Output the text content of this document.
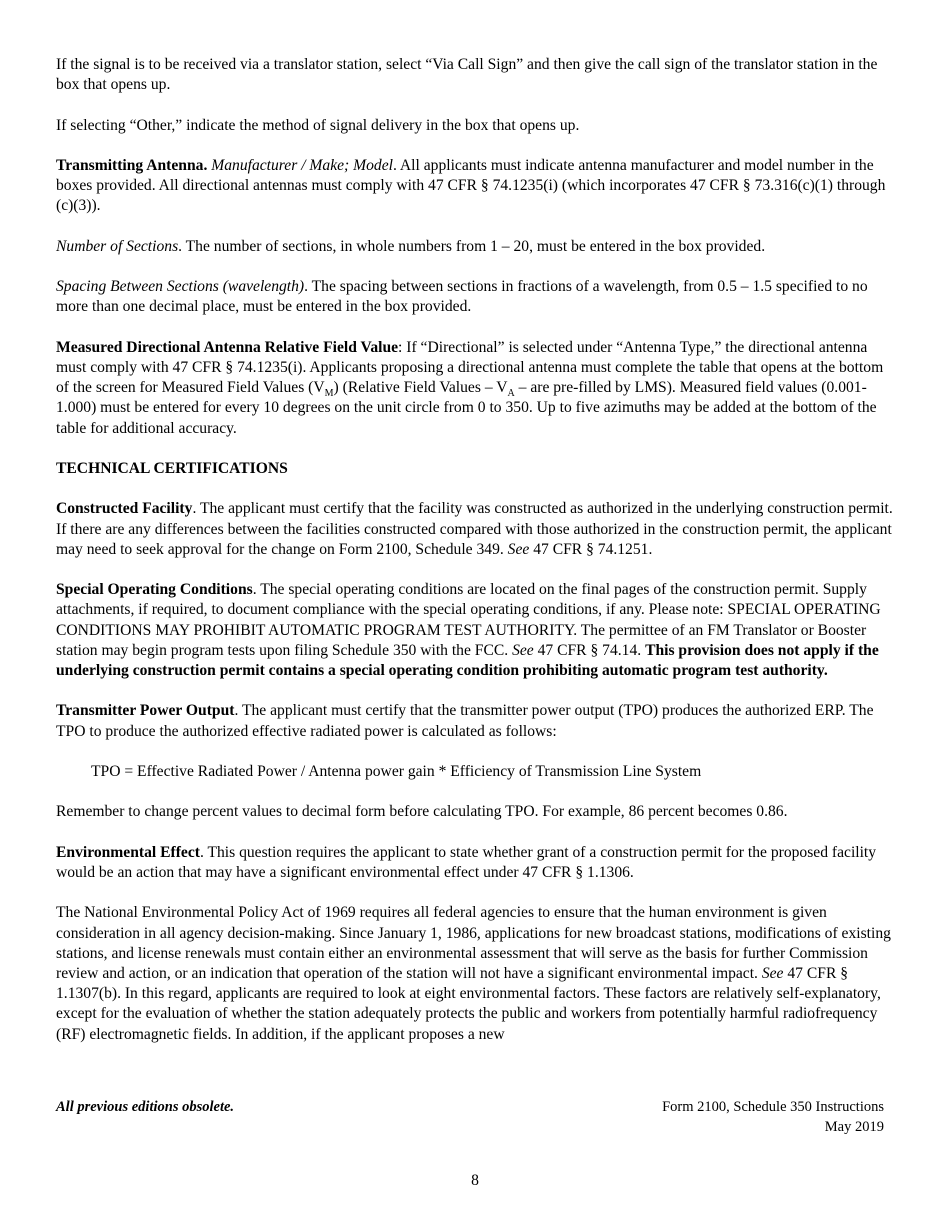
If the signal is to be received via a translator station, select “Via Call Sign” and then give the call sign of the translator station in the box that opens up.

If selecting “Other,” indicate the method of signal delivery in the box that opens up.

Transmitting Antenna. Manufacturer / Make; Model. All applicants must indicate antenna manufacturer and model number in the boxes provided. All directional antennas must comply with 47 CFR § 74.1235(i) (which incorporates 47 CFR § 73.316(c)(1) through (c)(3)).

Number of Sections. The number of sections, in whole numbers from 1 – 20, must be entered in the box provided.

Spacing Between Sections (wavelength). The spacing between sections in fractions of a wavelength, from 0.5 – 1.5 specified to no more than one decimal place, must be entered in the box provided.

Measured Directional Antenna Relative Field Value: If “Directional” is selected under “Antenna Type,” the directional antenna must comply with 47 CFR § 74.1235(i). Applicants proposing a directional antenna must complete the table that opens at the bottom of the screen for Measured Field Values $(V_M)$ (Relative Field Values – $V_A$ – are pre-filled by LMS). Measured field values (0.001-1.000) must be entered for every 10 degrees on the unit circle from 0 to 350. Up to five azimuths may be added at the bottom of the table for additional accuracy.

TECHNICAL CERTIFICATIONS

Constructed Facility. The applicant must certify that the facility was constructed as authorized in the underlying construction permit. If there are any differences between the facilities constructed compared with those authorized in the construction permit, the applicant may need to seek approval for the change on Form 2100, Schedule 349. See 47 CFR § 74.1251.

Special Operating Conditions. The special operating conditions are located on the final pages of the construction permit. Supply attachments, if required, to document compliance with the special operating conditions, if any. Please note: SPECIAL OPERATING CONDITIONS MAY PROHIBIT AUTOMATIC PROGRAM TEST AUTHORITY. The permittee of an FM Translator or Booster station may begin program tests upon filing Schedule 350 with the FCC. See 47 CFR § 74.14. This provision does not apply if the underlying construction permit contains a special operating condition prohibiting automatic program test authority.

Transmitter Power Output. The applicant must certify that the transmitter power output (TPO) produces the authorized ERP. The TPO to produce the authorized effective radiated power is calculated as follows:

TPO = Effective Radiated Power / Antenna power gain * Efficiency of Transmission Line System

Remember to change percent values to decimal form before calculating TPO. For example, 86 percent becomes 0.86.

Environmental Effect. This question requires the applicant to state whether grant of a construction permit for the proposed facility would be an action that may have a significant environmental effect under 47 CFR § 1.1306.

The National Environmental Policy Act of 1969 requires all federal agencies to ensure that the human environment is given consideration in all agency decision-making. Since January 1, 1986, applications for new broadcast stations, modifications of existing stations, and license renewals must contain either an environmental assessment that will serve as the basis for further Commission review and action, or an indication that operation of the station will not have a significant environmental impact. See 47 CFR § 1.1307(b). In this regard, applicants are required to look at eight environmental factors. These factors are relatively self-explanatory, except for the evaluation of whether the station adequately protects the public and workers from potentially harmful radiofrequency (RF) electromagnetic fields. In addition, if the applicant proposes a new

All previous editions obsolete.	Form 2100, Schedule 350 Instructions
May 2019
8
